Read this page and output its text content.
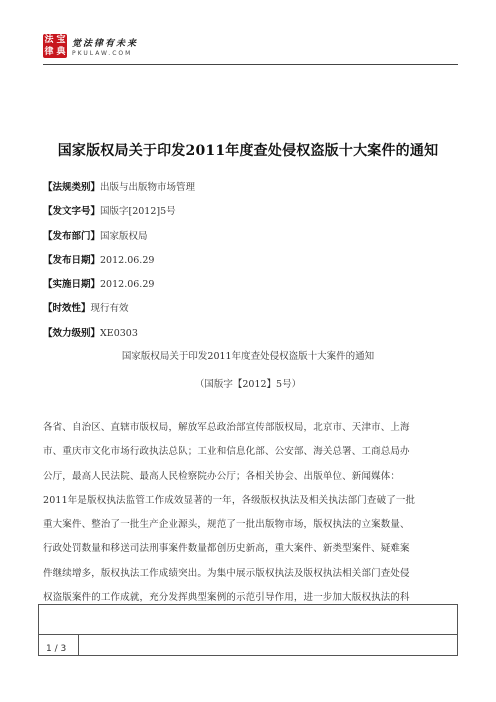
法 宝
律 典
觉法律有未来
PKULAW.COM
国家版权局关于印发2011年度查处侵权盗版十大案件的通知
【法规类别】出版与出版物市场管理
【发文字号】国版字[2012]5号
【发布部门】国家版权局
【发布日期】2012.06.29
【实施日期】2012.06.29
【时效性】现行有效
【效力级别】XE0303
国家版权局关于印发2011年度查处侵权盗版十大案件的通知
（国版字【2012】5号）
各省、自治区、直辖市版权局，解放军总政治部宣传部版权局，北京市、天津市、上海
市、重庆市文化市场行政执法总队；工业和信息化部、公安部、海关总署、工商总局办
公厅，最高人民法院、最高人民检察院办公厅；各相关协会、出版单位、新闻媒体：
2011年是版权执法监管工作成效显著的一年，各级版权执法及相关执法部门查破了一批
重大案件、整治了一批生产企业源头，规范了一批出版物市场，版权执法的立案数量、
行政处罚数量和移送司法刑事案件数量都创历史新高，重大案件、新类型案件、疑难案
件继续增多，版权执法工作成绩突出。为集中展示版权执法及版权执法相关部门查处侵
权盗版案件的工作成就，充分发挥典型案例的示范引导作用，进一步加大版权执法的科
1 / 3
